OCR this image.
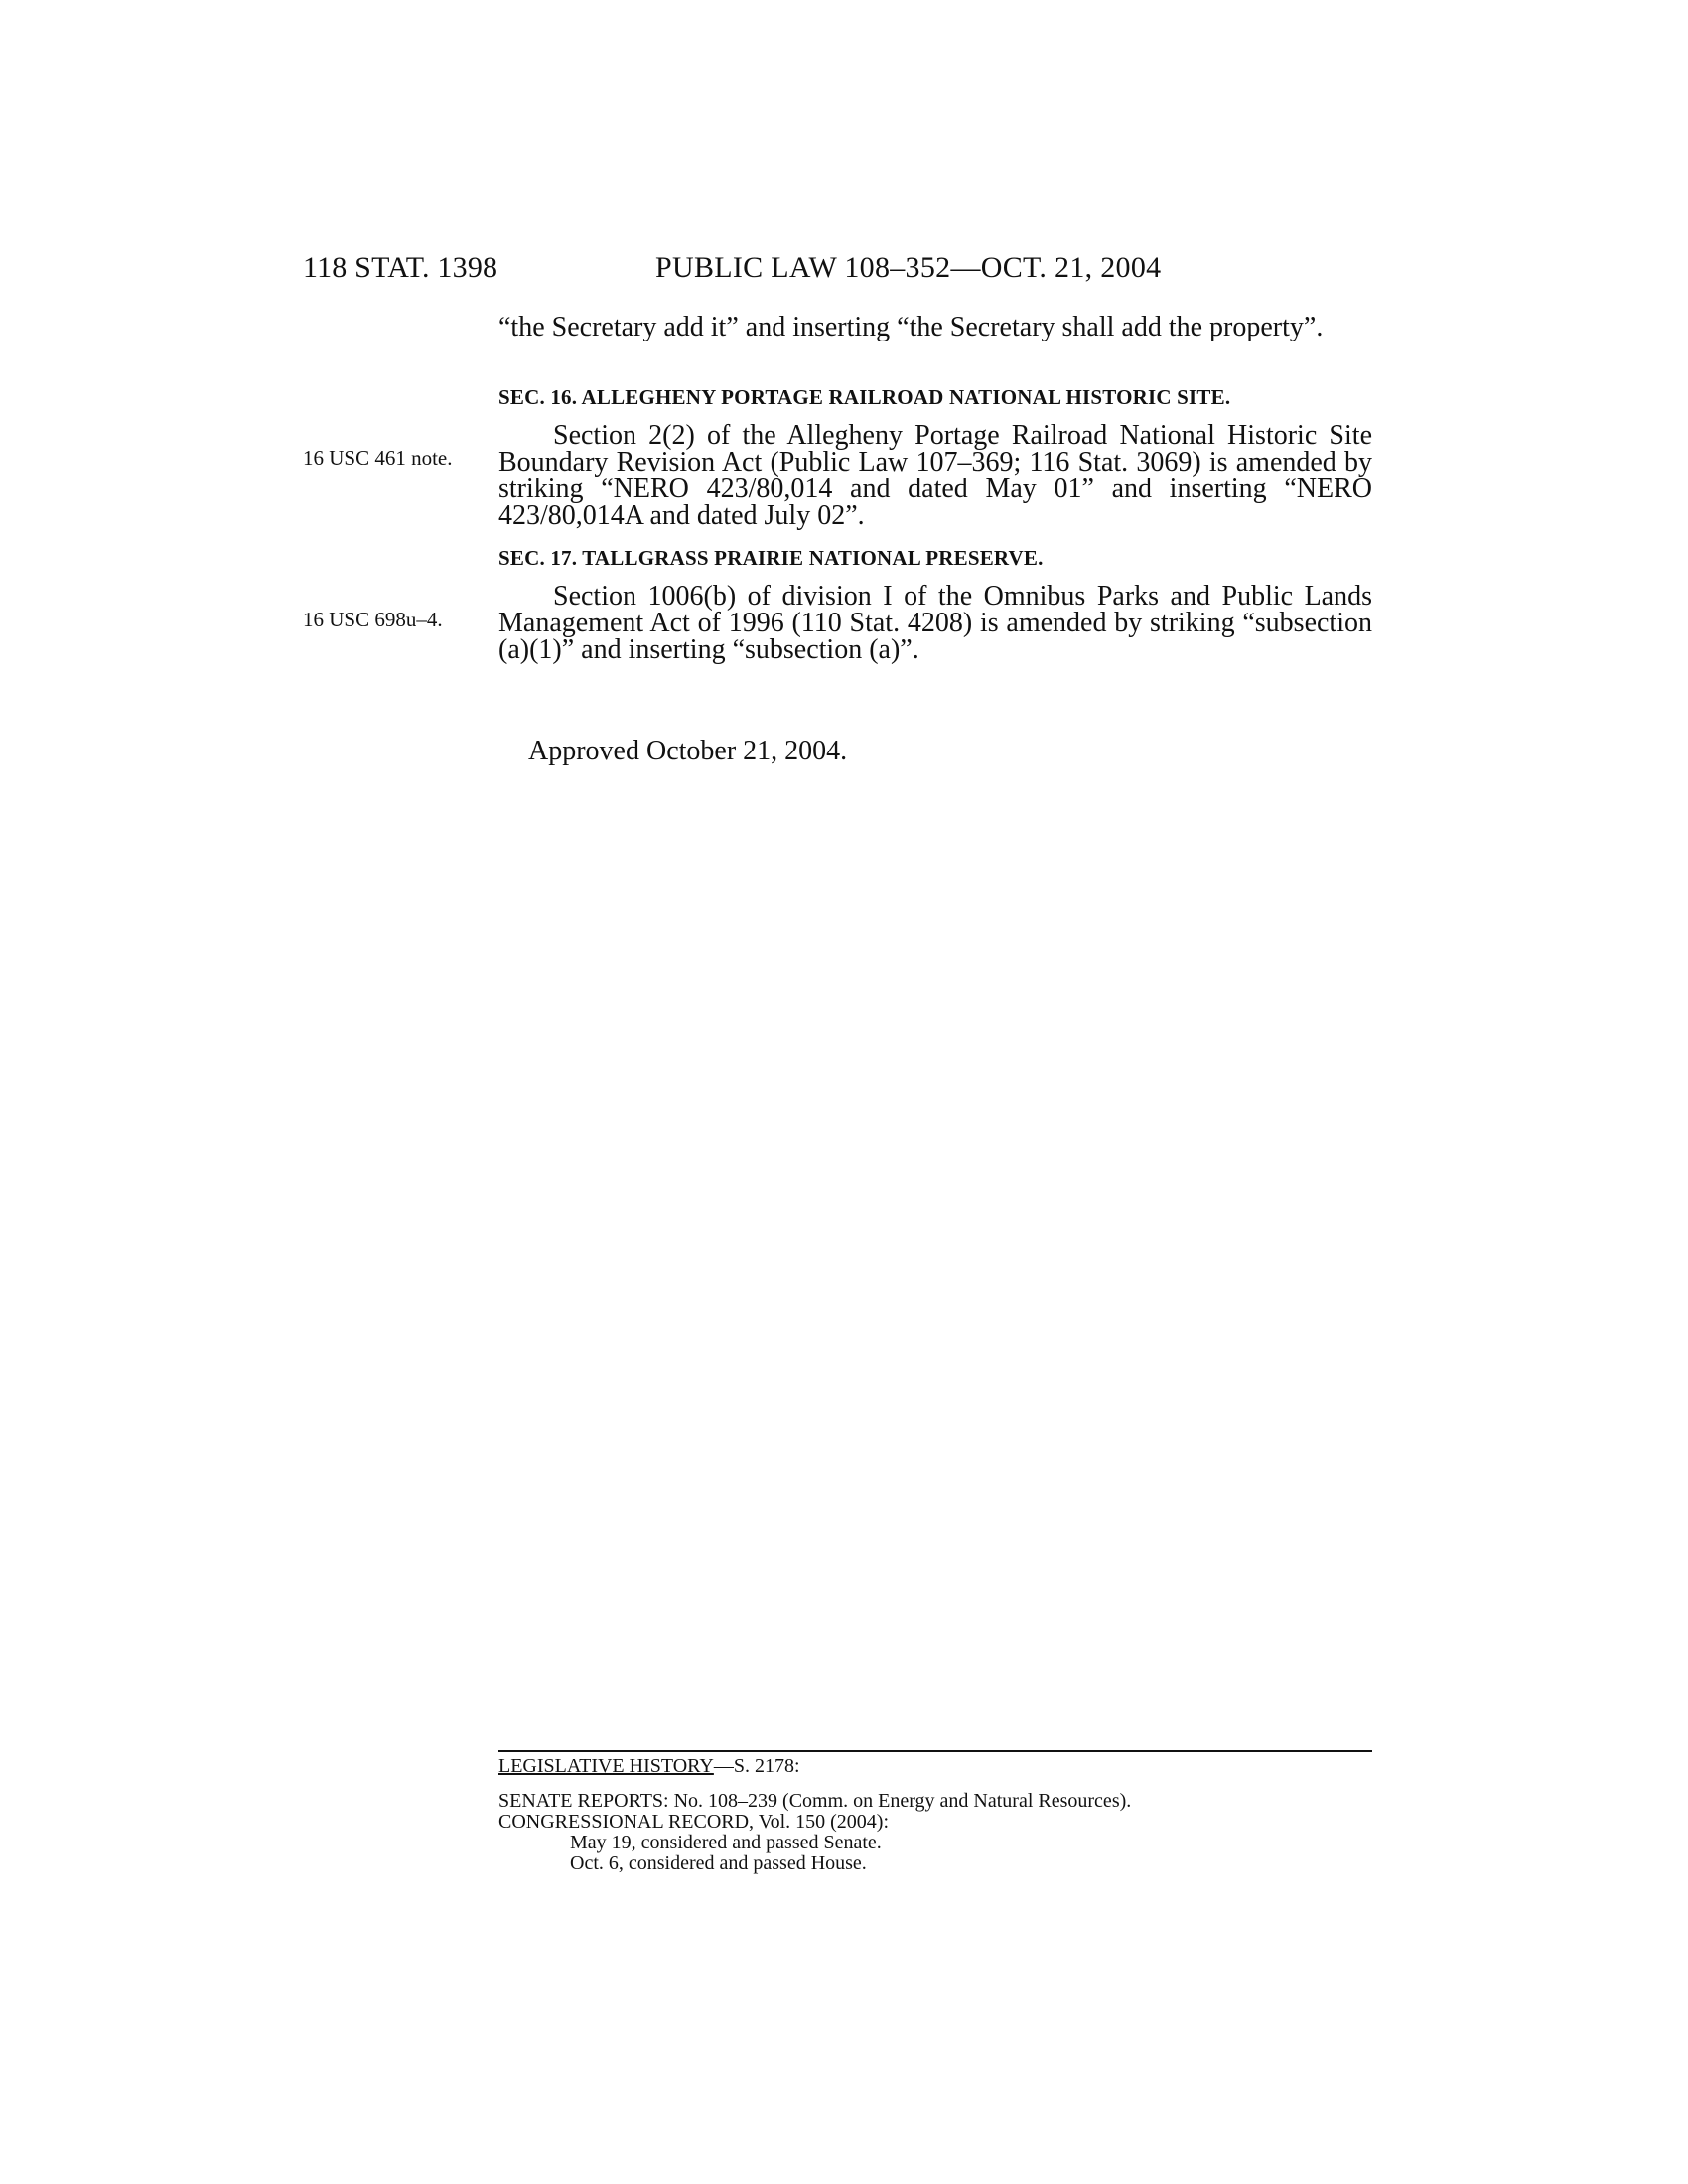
118 STAT. 1398	PUBLIC LAW 108–352—OCT. 21, 2004

“the Secretary add it” and inserting “the Secretary shall add the property”.

SEC. 16. ALLEGHENY PORTAGE RAILROAD NATIONAL HISTORIC SITE.
16 USC 461 note.

Section 2(2) of the Allegheny Portage Railroad National Historic Site Boundary Revision Act (Public Law 107–369; 116 Stat. 3069) is amended by striking “NERO 423/80,014 and dated May 01” and inserting “NERO 423/80,014A and dated July 02”.

SEC. 17. TALLGRASS PRAIRIE NATIONAL PRESERVE.
16 USC 698u–4.

Section 1006(b) of division I of the Omnibus Parks and Public Lands Management Act of 1996 (110 Stat. 4208) is amended by striking “subsection (a)(1)” and inserting “subsection (a)”.

Approved October 21, 2004.
LEGISLATIVE HISTORY—S. 2178:
SENATE REPORTS: No. 108–239 (Comm. on Energy and Natural Resources).
CONGRESSIONAL RECORD, Vol. 150 (2004):
May 19, considered and passed Senate.
Oct. 6, considered and passed House.
